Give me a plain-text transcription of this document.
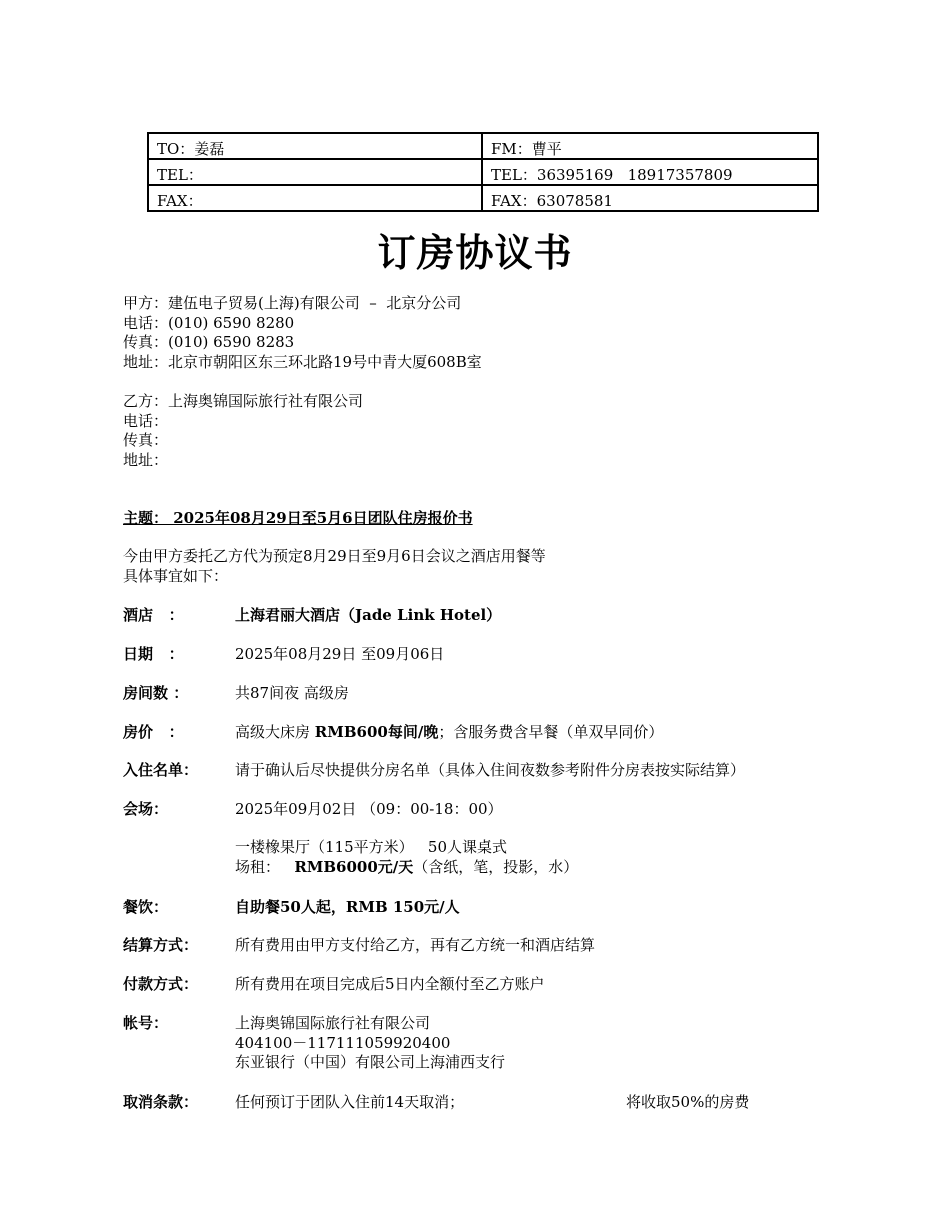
TO：姜磊	FM：曹平
TEL：	TEL：36395169   18917357809
FAX：	FAX：63078581
订房协议书
甲方：建伍电子贸易(上海)有限公司  –  北京分公司
电话：(010) 6590 8280
传真：(010) 6590 8283
地址：北京市朝阳区东三环北路19号中青大厦608B室
乙方：上海奥锦国际旅行社有限公司
电话：
传真：
地址：
主题： 2025年08月29日至5月6日团队住房报价书
今由甲方委托乙方代为预定8月29日至9月6日会议之酒店用餐等
具体事宜如下：
酒店   ：	上海君丽大酒店（Jade Link Hotel）
日期   ：	2025年08月29日 至09月06日
房间数 ：	共87间夜 高级房
房价   ：	高级大床房 RMB600每间/晚；含服务费含早餐（单双早同价）
入住名单： 请于确认后尽快提供分房名单（具体入住间夜数参考附件分房表按实际结算）
会场：	2025年09月02日 （09：00-18：00）
一楼橡果厅（115平方米）   50人课桌式
场租：   RMB6000元/天（含纸，笔，投影，水）
餐饮：	自助餐50人起，RMB 150元/人
结算方式： 所有费用由甲方支付给乙方，再有乙方统一和酒店结算
付款方式： 所有费用在项目完成后5日内全额付至乙方账户
帐号：	上海奥锦国际旅行社有限公司
404100－117111059920400
东亚银行（中国）有限公司上海浦西支行
取消条款： 任何预订于团队入住前14天取消；	将收取50%的房费
